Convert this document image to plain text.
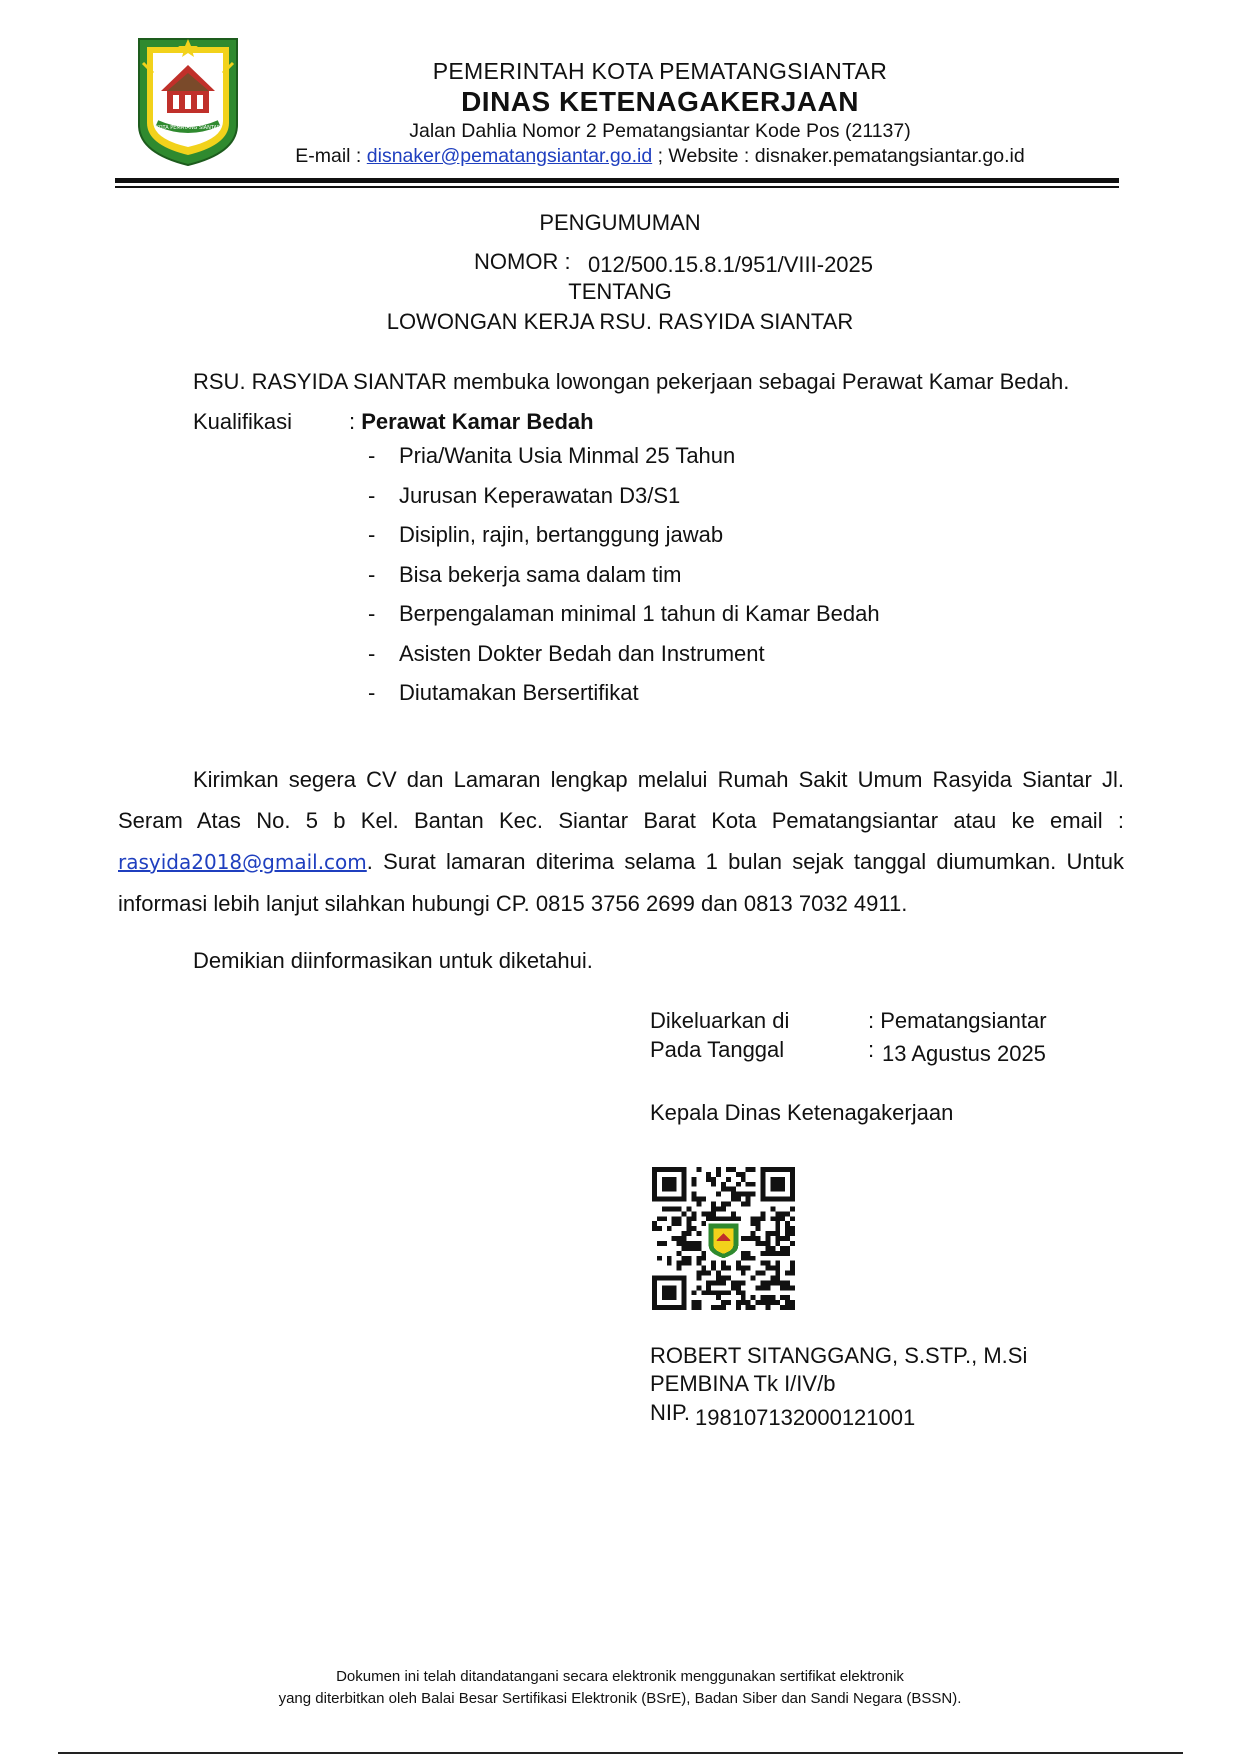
KOTA PEMATANG SIANTAR
PEMERINTAH KOTA PEMATANGSIANTAR
DINAS KETENAGAKERJAAN
Jalan Dahlia Nomor 2 Pematangsiantar Kode Pos (21137)
E-mail : disnaker@pematangsiantar.go.id ; Website : disnaker.pematangsiantar.go.id
PENGUMUMAN
NOMOR : 012/500.15.8.1/951/VIII-2025
TENTANG
LOWONGAN KERJA RSU. RASYIDA SIANTAR
RSU. RASYIDA SIANTAR membuka lowongan pekerjaan sebagai Perawat Kamar Bedah.
Kualifikasi	: Perawat Kamar Bedah
-	Pria/Wanita Usia Minmal 25 Tahun
-	Jurusan Keperawatan D3/S1
-	Disiplin, rajin, bertanggung jawab
-	Bisa bekerja sama dalam tim
-	Berpengalaman minimal 1 tahun di Kamar Bedah
-	Asisten Dokter Bedah dan Instrument
-	Diutamakan Bersertifikat
Kirimkan segera CV dan Lamaran lengkap melalui Rumah Sakit Umum Rasyida Siantar Jl. Seram Atas No. 5 b Kel. Bantan Kec. Siantar Barat Kota Pematangsiantar atau ke email : rasyida2018@gmail.com. Surat lamaran diterima selama 1 bulan sejak tanggal diumumkan. Untuk informasi lebih lanjut silahkan hubungi CP. 0815 3756 2699 dan 0813 7032 4911.
Demikian diinformasikan untuk diketahui.
Dikeluarkan di	: Pematangsiantar
Pada Tanggal	: 13 Agustus 2025
Kepala Dinas Ketenagakerjaan
ROBERT SITANGGANG, S.STP., M.Si
PEMBINA Tk I/IV/b
NIP. 198107132000121001
Dokumen ini telah ditandatangani secara elektronik menggunakan sertifikat elektronik
yang diterbitkan oleh Balai Besar Sertifikasi Elektronik (BSrE), Badan Siber dan Sandi Negara (BSSN).
